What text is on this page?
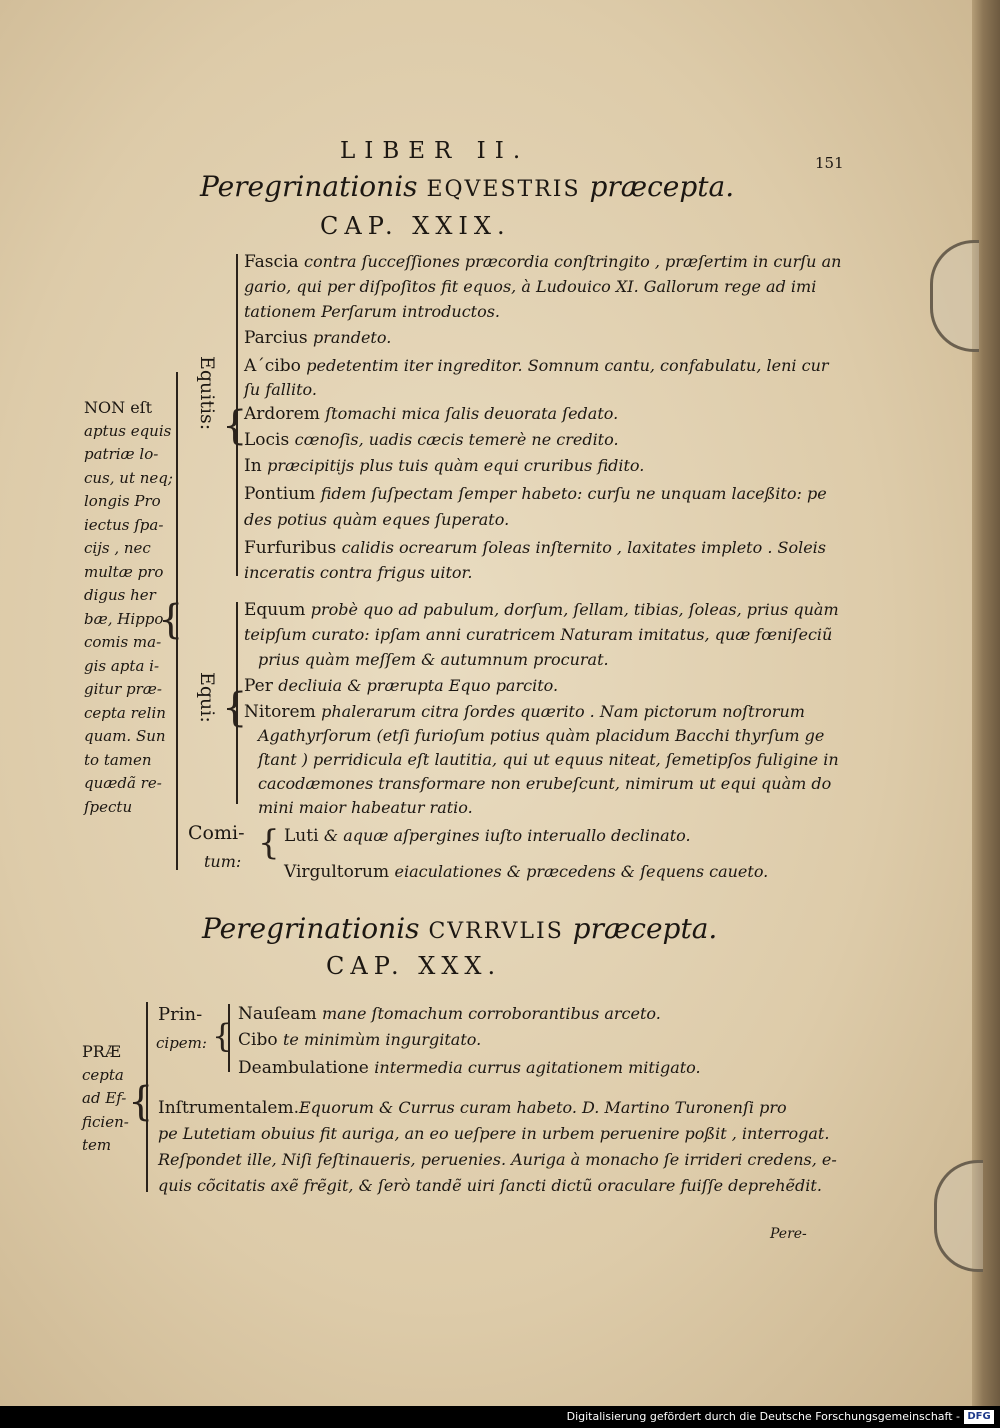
LIBER II.	151
Peregrinationis EQVESTRIS præcepta.
CAP. XXIX.
{
{
{
{
Equitis:
Equi:
Comi-
tum:
NON eſt
aptus equis
patriæ lo-
cus, ut neq;
longis Pro
iectus ſpa-
cijs , nec
multæ pro
digus her
bæ, Hippo
comis ma-
gis apta i-
gitur præ-
cepta relin
quam. Sun
to tamen
quædã re-
ſpectu
Fascia contra ſucceſſiones præcordia conſtringito , præſertim in curſu an
gario, qui per diſpoſitos fit equos, à Ludouico XI. Gallorum rege ad imi
tationem Perſarum introductos.
Parcius prandeto.
A´cibo pedetentim iter ingreditor. Somnum cantu, confabulatu, leni cur
ſu fallito.
Ardorem ſtomachi mica ſalis deuorata ſedato.
Locis cœnoſis, uadis cæcis temerè ne credito.
In præcipitijs plus tuis quàm equi cruribus fidito.
Pontium fidem ſuſpectam ſemper habeto: curſu ne unquam laceßito: pe
des potius quàm eques ſuperato.
Furfuribus calidis ocrearum ſoleas inſternito , laxitates impleto . Soleis
inceratis contra frigus uitor.
Equum probè quo ad pabulum, dorſum, ſellam, tibias, ſoleas, prius quàm
teipſum curato: ipſam anni curatricem Naturam imitatus, quæ fœniſeciũ
prius quàm meſſem & autumnum procurat.
Per decliuia & prærupta Equo parcito.
Nitorem phalerarum citra ſordes quærito . Nam pictorum noſtrorum
Agathyrſorum (etſi furioſum potius quàm placidum Bacchi thyrſum ge
ſtant ) perridicula eſt lautitia, qui ut equus niteat, ſemetipſos fuligine in
cacodæmones transformare non erubeſcunt, nimirum ut equi quàm do
mini maior habeatur ratio.
Luti & aquæ aſpergines iuſto interuallo declinato.
Virgultorum eiaculationes & præcedens & ſequens caueto.
Peregrinationis CVRRVLIS præcepta.
CAP. XXX.
{
{
PRÆ
cepta
ad Ef-
ficien-
tem
Prin-
cipem:
Nauſeam mane ſtomachum corroborantibus arceto.
Cibo te minimùm ingurgitato.
Deambulatione intermedia currus agitationem mitigato.
Inſtrumentalem.Equorum & Currus curam habeto. D. Martino Turonenſi pro
pe Lutetiam obuius fit auriga, an eo ueſpere in urbem peruenire poßit , interrogat.
Reſpondet ille, Niſi feſtinaueris, peruenies. Auriga à monacho ſe irrideri credens, e-
quis cõcitatis axẽ frẽgit, & ſerò tandẽ uiri ſancti dictũ oraculare fuiſſe deprehẽdit.
Pere-
Digitalisierung gefördert durch die Deutsche Forschungsgemeinschaft - DFG
